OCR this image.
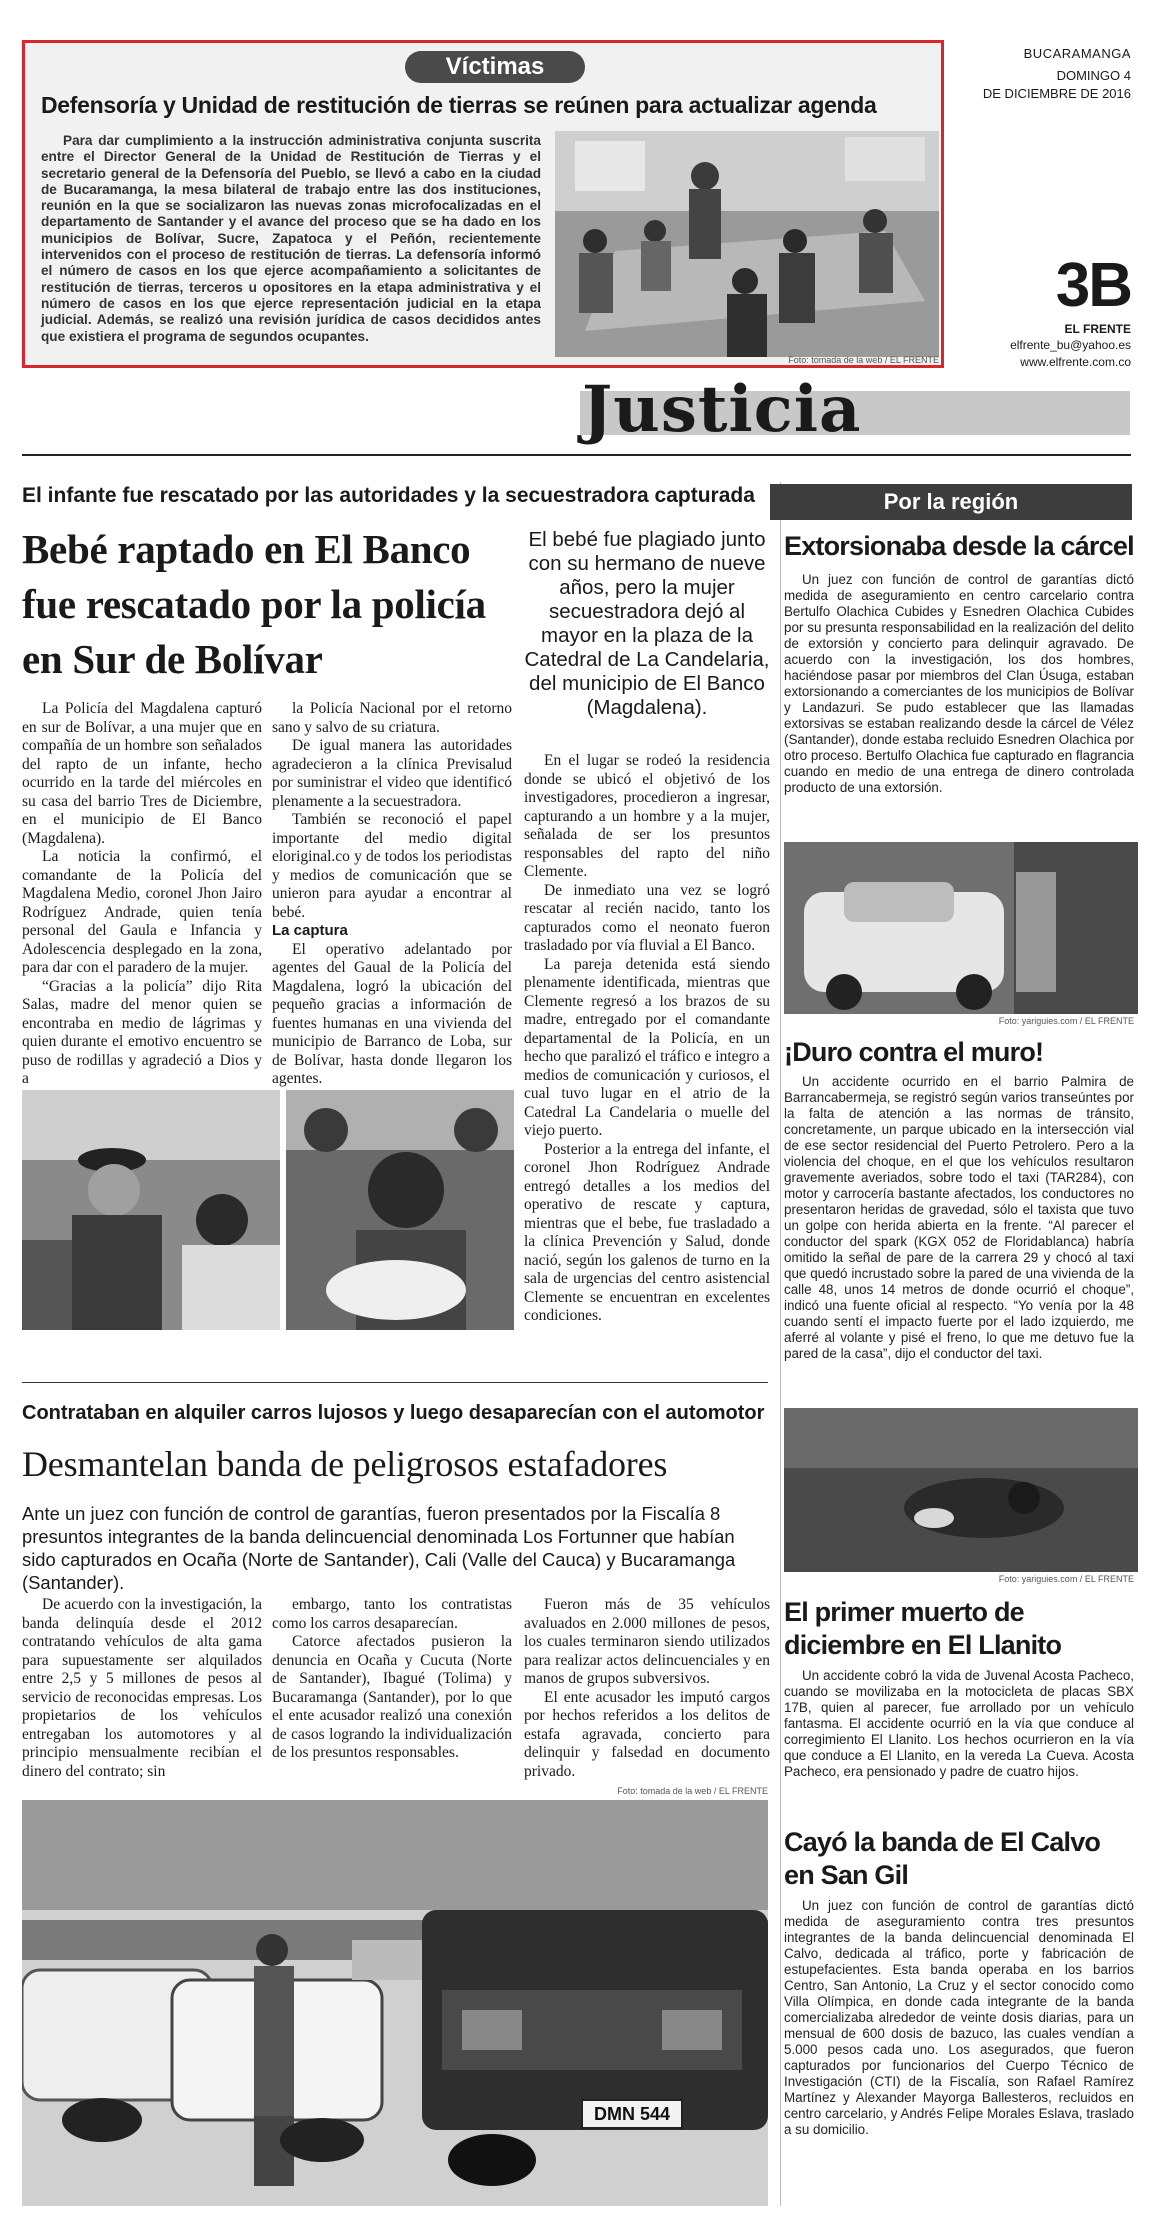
Víctimas
Defensoría y Unidad de restitución de tierras se reúnen para actualizar agenda
Para dar cumplimiento a la instrucción administrativa conjunta suscrita entre el Director General de la Unidad de Restitución de Tierras y el secretario general de la Defensoría del Pueblo, se llevó a cabo en la ciudad de Bucaramanga, la mesa bilateral de trabajo entre las dos instituciones, reunión en la que se socializaron las nuevas zonas microfocalizadas en el departamento de Santander y el avance del proceso que se ha dado en los municipios de Bolívar, Sucre, Zapatoca y el Peñón, recientemente intervenidos con el proceso de restitución de tierras. La defensoría informó el número de casos en los que ejerce acompañamiento a solicitantes de restitución de tierras, terceros u opositores en la etapa administrativa y el número de casos en los que ejerce representación judicial en la etapa judicial. Además, se realizó una revisión jurídica de casos decididos antes que existiera el programa de segundos ocupantes.
Foto: tomada de la web / EL FRENTE
BUCARAMANGA
DOMINGO 4
DE DICIEMBRE DE 2016
3B
EL FRENTE
elfrente_bu@yahoo.es
www.elfrente.com.co
Justicia
El infante fue rescatado por las autoridades y la secuestradora capturada
Bebé raptado en El Banco fue rescatado por la policía en Sur de Bolívar
El bebé fue plagiado junto con su hermano de nueve años, pero la mujer secuestradora dejó al mayor en la plaza de la Catedral de La Candelaria, del municipio de El Banco (Magdalena).

La Policía del Magdalena capturó en sur de Bolívar, a una mujer que en compañía de un hombre son señalados del rapto de un infante, hecho ocurrido en la tarde del miércoles en su casa del barrio Tres de Diciembre, en el municipio de El Banco (Magdalena).

La noticia la confirmó, el comandante de la Policía del Magdalena Medio, coronel Jhon Jairo Rodríguez Andrade, quien tenía personal del Gaula e Infancia y Adolescencia desplegado en la zona, para dar con el paradero de la mujer.

“Gracias a la policía” dijo Rita Salas, madre del menor quien se encontraba en medio de lágrimas y quien durante el emotivo encuentro se puso de rodillas y agradeció a Dios y a

la Policía Nacional por el retorno sano y salvo de su criatura.

De igual manera las autoridades agradecieron a la clínica Previsalud por suministrar el video que identificó plenamente a la secuestradora.

También se reconoció el papel importante del medio digital eloriginal.co y de todos los periodistas y medios de comunicación que se unieron para ayudar a encontrar al bebé.

La captura

El operativo adelantado por agentes del Gaual de la Policía del Magdalena, logró la ubicación del pequeño gracias a información de fuentes humanas en una vivienda del municipio de Barranco de Loba, sur de Bolívar, hasta donde llegaron los agentes.

En el lugar se rodeó la residencia donde se ubicó el objetivó de los investigadores, procedieron a ingresar, capturando a un hombre y a la mujer, señalada de ser los presuntos responsables del rapto del niño Clemente.

De inmediato una vez se logró rescatar al recién nacido, tanto los capturados como el neonato fueron trasladado por vía fluvial a El Banco.

La pareja detenida está siendo plenamente identificada, mientras que Clemente regresó a los brazos de su madre, entregado por el comandante departamental de la Policía, en un hecho que paralizó el tráfico e integro a medios de comunicación y curiosos, el cual tuvo lugar en el atrio de la Catedral La Candelaria o muelle del viejo puerto.

Posterior a la entrega del infante, el coronel Jhon Rodríguez Andrade entregó detalles a los medios del operativo de rescate y captura, mientras que el bebe, fue trasladado a la clínica Prevención y Salud, donde nació, según los galenos de turno en la sala de urgencias del centro asistencial Clemente se encuentran en excelentes condiciones.

Contrataban en alquiler carros lujosos y luego desaparecían con el automotor
Desmantelan banda de peligrosos estafadores
Ante un juez con función de control de garantías, fueron presentados por la Fiscalía 8 presuntos integrantes de la banda delincuencial denominada Los Fortunner que habían sido capturados en Ocaña (Norte de Santander), Cali (Valle del Cauca) y Bucaramanga (Santander).

De acuerdo con la investigación, la banda delinquía desde el 2012 contratando vehículos de alta gama para supuestamente ser alquilados entre 2,5 y 5 millones de pesos al servicio de reconocidas empresas. Los propietarios de los vehículos entregaban los automotores y al principio mensualmente recibían el dinero del contrato; sin

embargo, tanto los contratistas como los carros desaparecían.

Catorce afectados pusieron la denuncia en Ocaña y Cucuta (Norte de Santander), Ibagué (Tolima) y Bucaramanga (Santander), por lo que el ente acusador realizó una conexión de casos logrando la individualización de los presuntos responsables.

Fueron más de 35 vehículos avaluados en 2.000 millones de pesos, los cuales terminaron siendo utilizados para realizar actos delincuenciales y en manos de grupos subversivos.

El ente acusador les imputó cargos por hechos referidos a los delitos de estafa agravada, concierto para delinquir y falsedad en documento privado.

Foto: tomada de la web / EL FRENTE
DMN 544
Por la región
Extorsionaba desde la cárcel
Un juez con función de control de garantías dictó medida de aseguramiento en centro carcelario contra Bertulfo Olachica Cubides y Esnedren Olachica Cubides por su presunta responsabilidad en la realización del delito de extorsión y concierto para delinquir agravado. De acuerdo con la investigación, los dos hombres, haciéndose pasar por miembros del Clan Úsuga, estaban extorsionando a comerciantes de los municipios de Bolívar y Landazuri. Se pudo establecer que las llamadas extorsivas se estaban realizando desde la cárcel de Vélez (Santander), donde estaba recluido Esnedren Olachica por otro proceso. Bertulfo Olachica fue capturado en flagrancia cuando en medio de una entrega de dinero controlada producto de una extorsión.
Foto: yariguies.com / EL FRENTE
¡Duro contra el muro!
Un accidente ocurrido en el barrio Palmira de Barrancabermeja, se registró según varios transeúntes por la falta de atención a las normas de tránsito, concretamente, un parque ubicado en la intersección vial de ese sector residencial del Puerto Petrolero. Pero a la violencia del choque, en el que los vehículos resultaron gravemente averiados, sobre todo el taxi (TAR284), con motor y carrocería bastante afectados, los conductores no presentaron heridas de gravedad, sólo el taxista que tuvo un golpe con herida abierta en la frente. “Al parecer el conductor del spark (KGX 052 de Floridablanca) habría omitido la señal de pare de la carrera 29 y chocó al taxi que quedó incrustado sobre la pared de una vivienda de la calle 48, unos 14 metros de donde ocurrió el choque”, indicó una fuente oficial al respecto. “Yo venía por la 48 cuando sentí el impacto fuerte por el lado izquierdo, me aferré al volante y pisé el freno, lo que me detuvo fue la pared de la casa”, dijo el conductor del taxi.
Foto: yariguies.com / EL FRENTE
El primer muerto de diciembre en El Llanito
Un accidente cobró la vida de Juvenal Acosta Pacheco, cuando se movilizaba en la motocicleta de placas SBX 17B, quien al parecer, fue arrollado por un vehículo fantasma. El accidente ocurrió en la vía que conduce al corregimiento El Llanito. Los hechos ocurrieron en la vía que conduce a El Llanito, en la vereda La Cueva. Acosta Pacheco, era pensionado y padre de cuatro hijos.
Cayó la banda de El Calvo en San Gil
Un juez con función de control de garantías dictó medida de aseguramiento contra tres presuntos integrantes de la banda delincuencial denominada El Calvo, dedicada al tráfico, porte y fabricación de estupefacientes. Esta banda operaba en los barrios Centro, San Antonio, La Cruz y el sector conocido como Villa Olímpica, en donde cada integrante de la banda comercializaba alrededor de veinte dosis diarias, para un mensual de 600 dosis de bazuco, las cuales vendían a 5.000 pesos cada uno. Los asegurados, que fueron capturados por funcionarios del Cuerpo Técnico de Investigación (CTI) de la Fiscalía, son Rafael Ramírez Martínez y Alexander Mayorga Ballesteros, recluidos en centro carcelario, y Andrés Felipe Morales Eslava, traslado a su domicilio.
